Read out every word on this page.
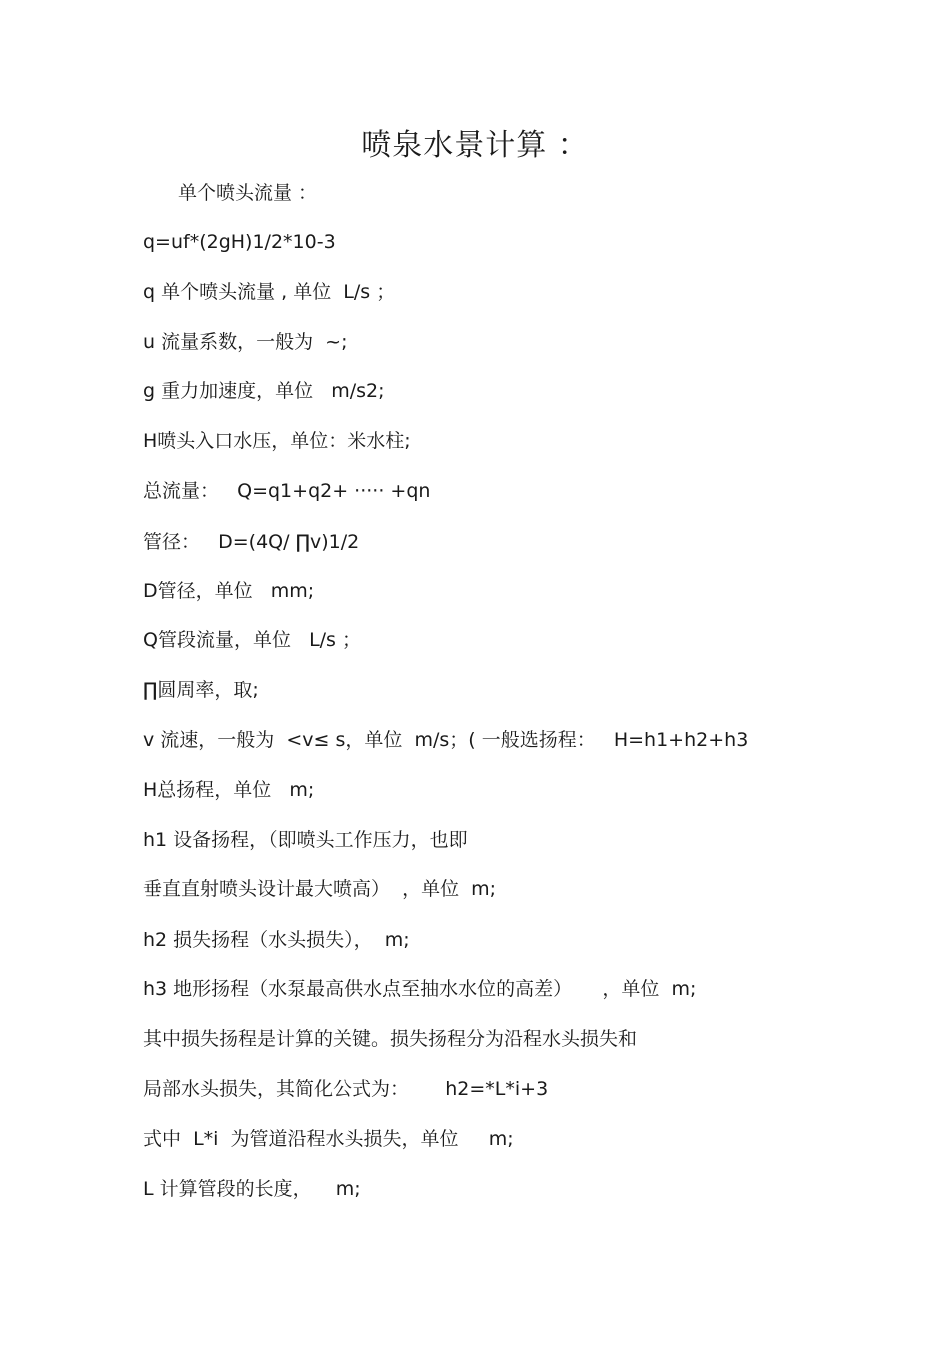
喷泉水景计算 ：
单个喷头流量 ：
q=uf*(2gH)1/2*10-3
q 单个喷头流量 , 单位  L/s ；
u 流量系数，一般为  ~;
g 重力加速度，单位   m/s2;
H喷头入口水压，单位：米水柱;
总流量：   Q=q1+q2+ ····· +qn
管径：   D=(4Q/ ∏v)1/2
D管径，单位   mm;
Q管段流量，单位   L/s ；
∏圆周率，取;
v 流速，一般为  <v≤ s，单位  m/s；( 一般选扬程：   H=h1+h2+h3
H总扬程，单位   m;
h1 设备扬程，（即喷头工作压力，也即
垂直直射喷头设计最大喷高）  ，单位  m;
h2 损失扬程（水头损失），  m;
h3 地形扬程（水泵最高供水点至抽水水位的高差）     ，单位  m;
其中损失扬程是计算的关键。损失扬程分为沿程水头损失和
局部水头损失，其简化公式为：      h2=*L*i+3
式中  L*i  为管道沿程水头损失，单位     m;
L 计算管段的长度，    m;
